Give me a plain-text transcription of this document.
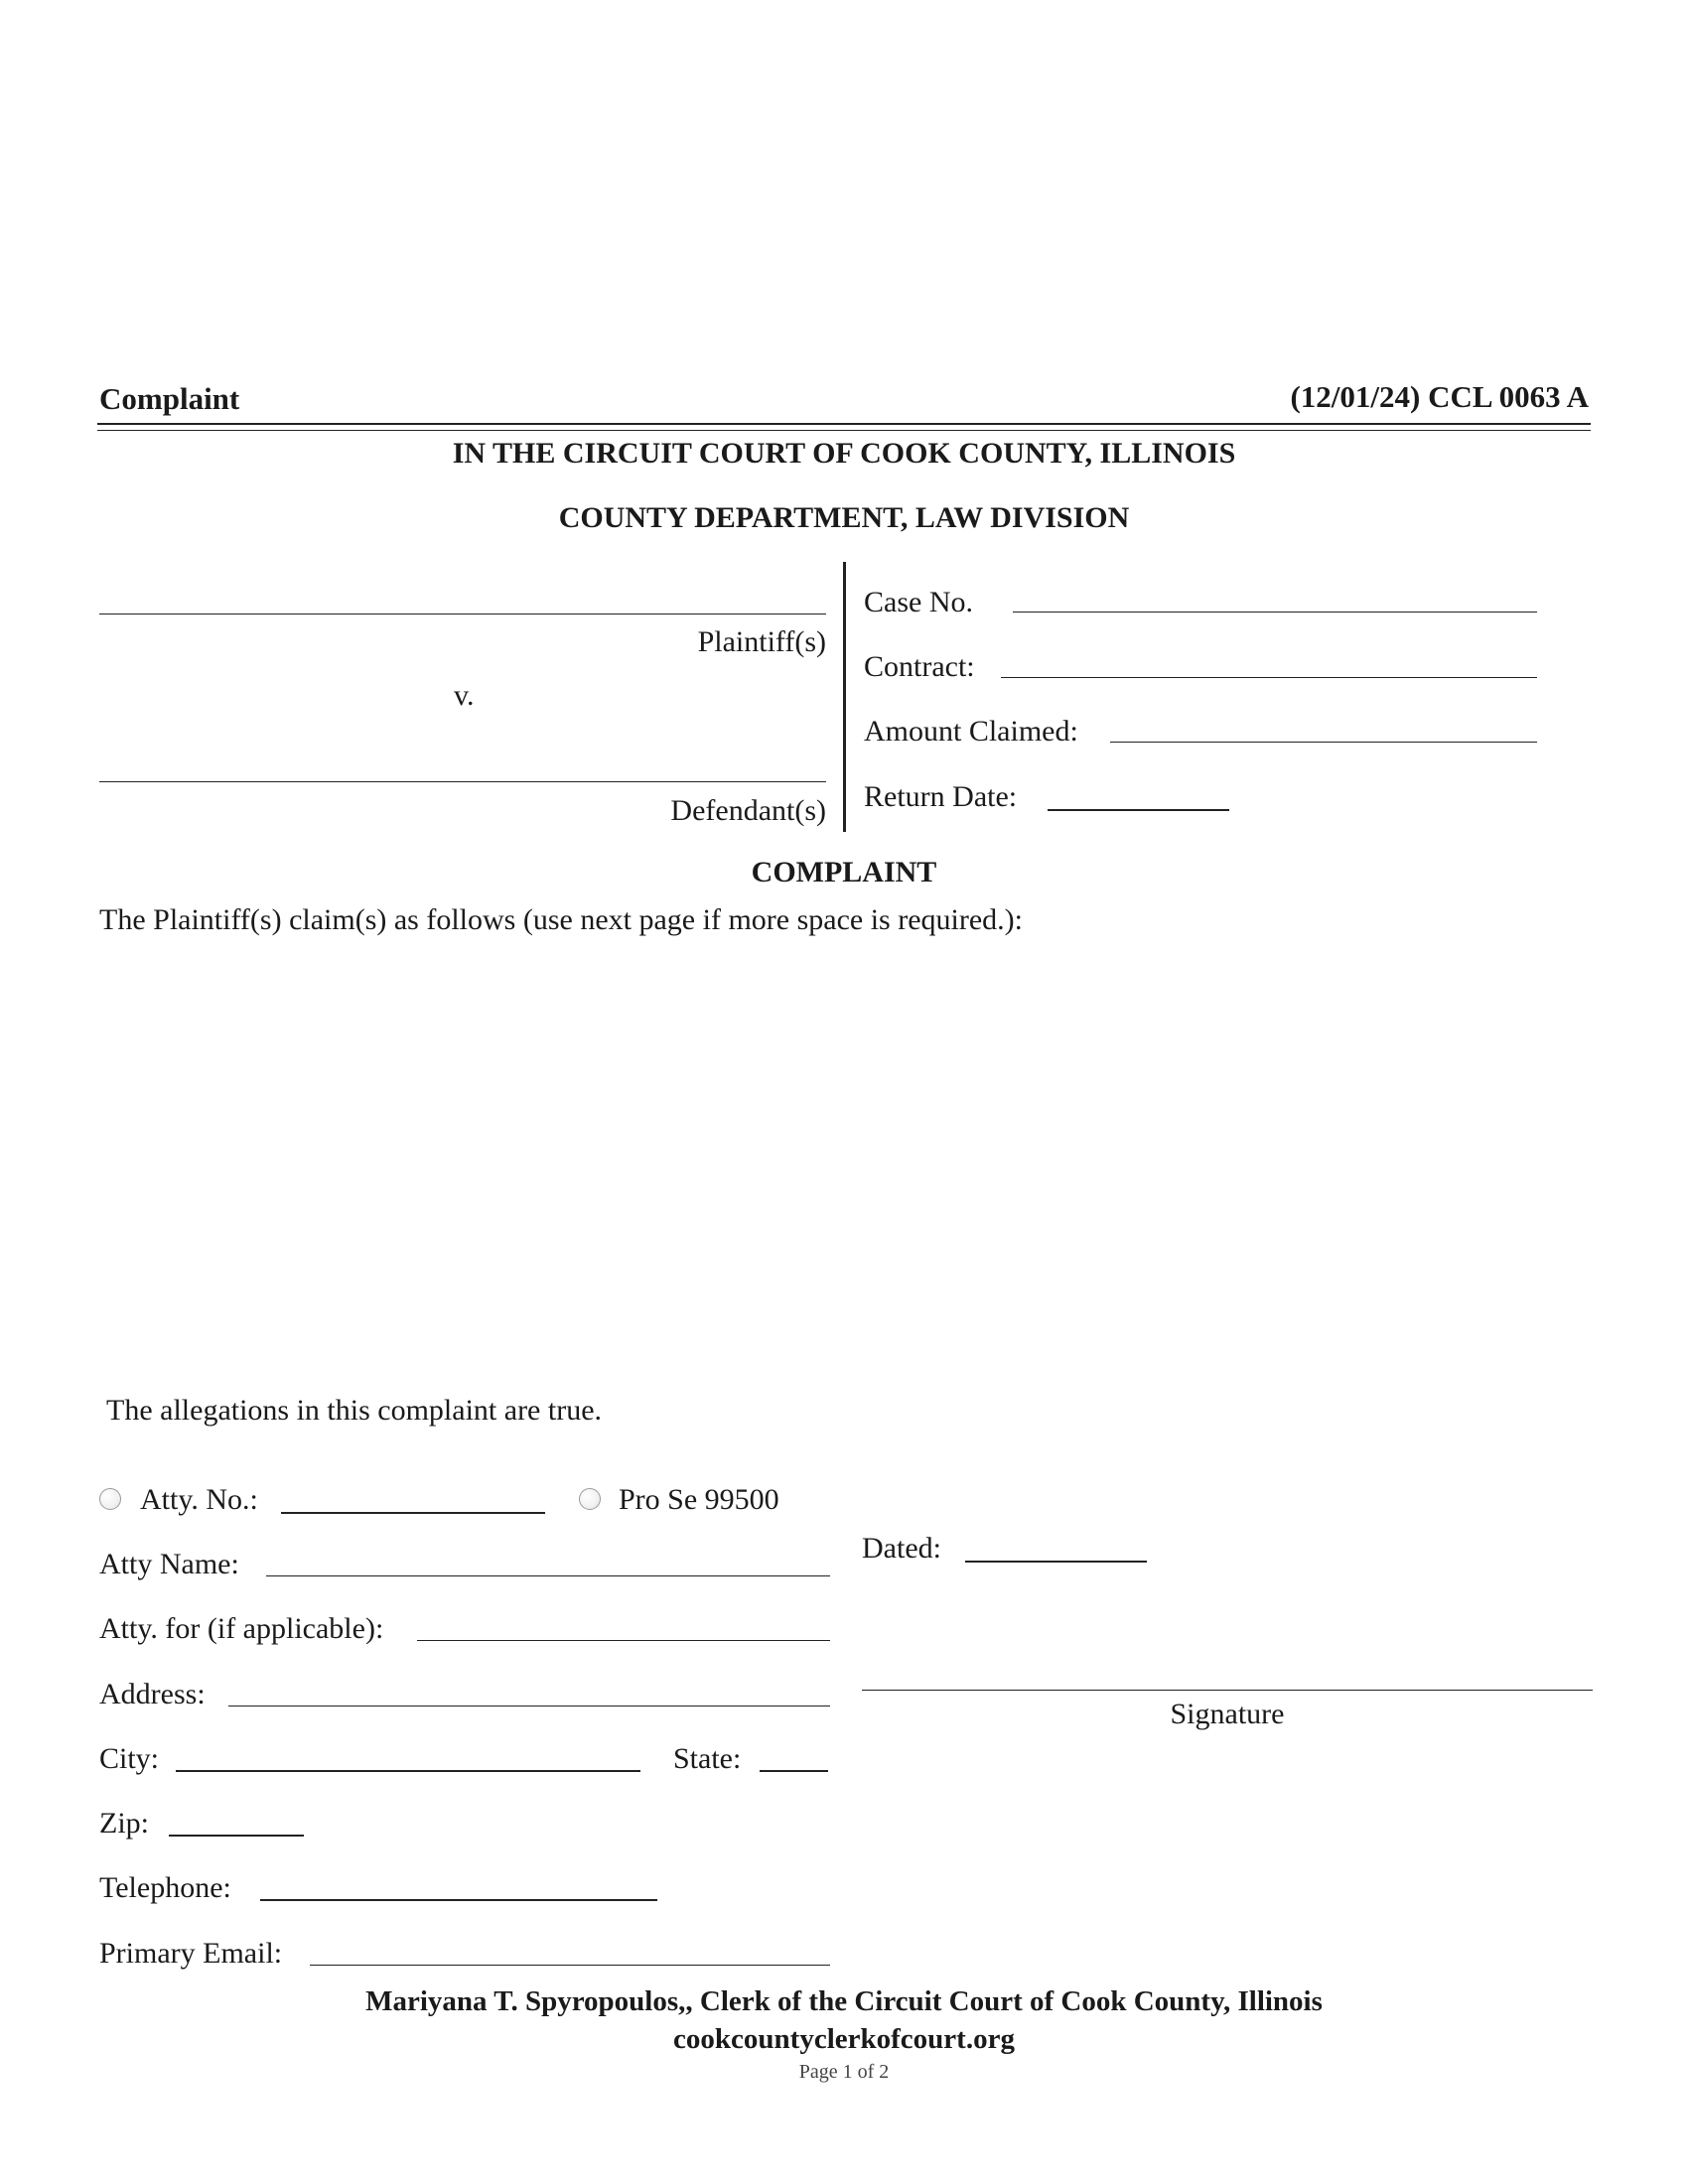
Complaint	(12/01/24) CCL 0063 A
IN THE CIRCUIT COURT OF COOK COUNTY, ILLINOIS
COUNTY DEPARTMENT, LAW DIVISION
Plaintiff(s)
v.
Defendant(s)
Case No.
Contract:
Amount Claimed:
Return Date:
COMPLAINT
The Plaintiff(s) claim(s) as follows (use next page if more space is required.):
The allegations in this complaint are true.
Atty. No.:	Pro Se 99500
Atty Name:
Atty. for (if applicable):
Address:
City:	State:
Zip:
Telephone:
Primary Email:
Dated:
Signature
Mariyana T. Spyropoulos,, Clerk of the Circuit Court of Cook County, Illinois
cookcountyclerkofcourt.org
Page 1 of 2
